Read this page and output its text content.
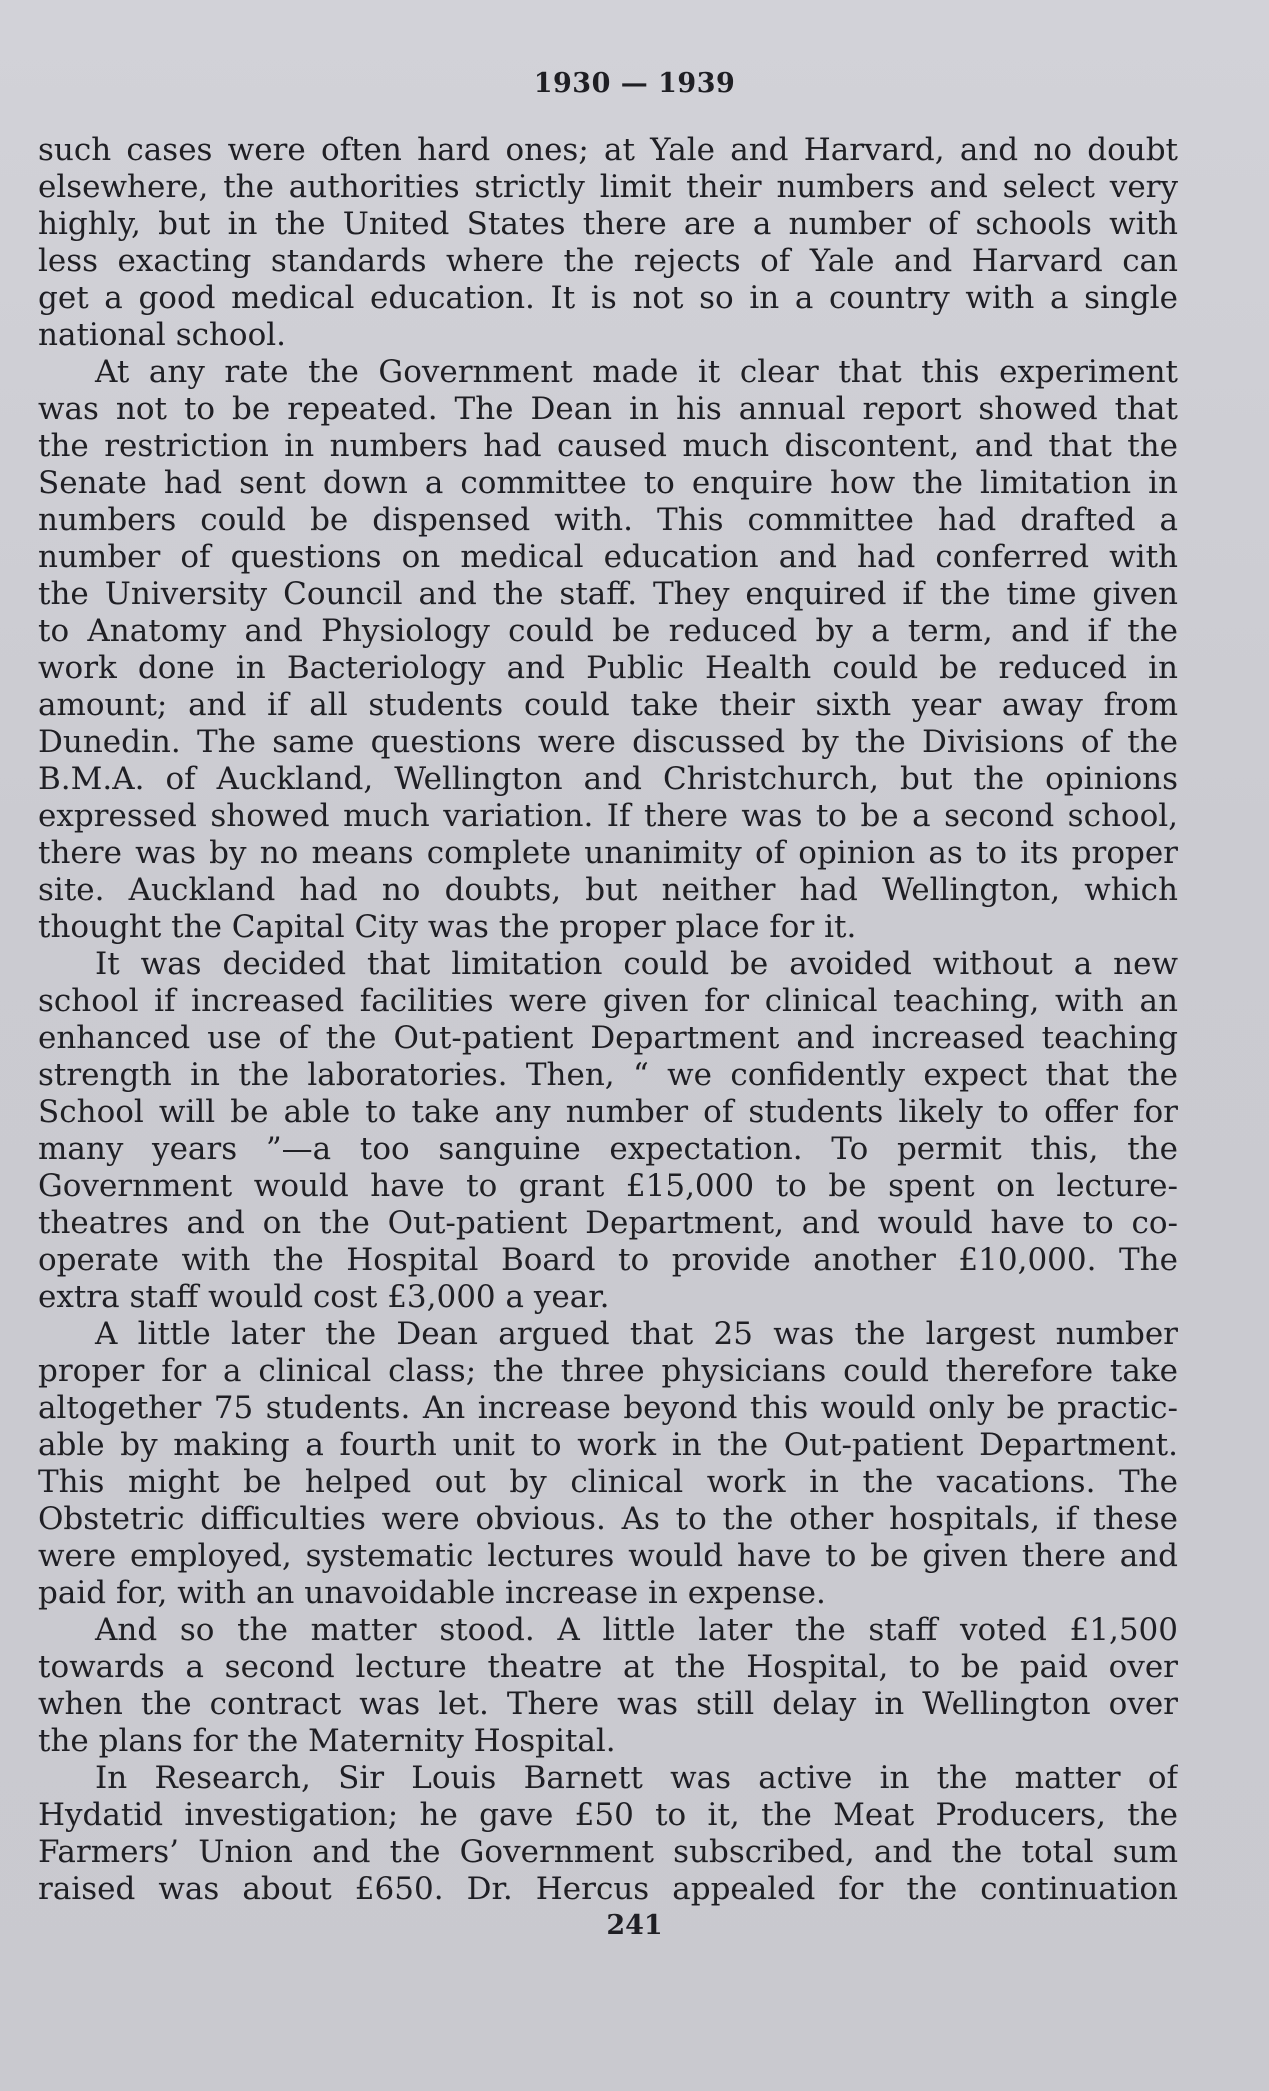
1930 — 1939
such cases were often hard ones; at Yale and Harvard, and no doubt
elsewhere, the authorities strictly limit their numbers and select very
highly, but in the United States there are a number of schools with
less exacting standards where the rejects of Yale and Harvard can
get a good medical education. It is not so in a country with a single
national school.
At any rate the Government made it clear that this experiment
was not to be repeated. The Dean in his annual report showed that
the restriction in numbers had caused much discontent, and that the
Senate had sent down a committee to enquire how the limitation in
numbers could be dispensed with. This committee had drafted a
number of questions on medical education and had conferred with
the University Council and the staff. They enquired if the time given
to Anatomy and Physiology could be reduced by a term, and if the
work done in Bacteriology and Public Health could be reduced in
amount; and if all students could take their sixth year away from
Dunedin. The same questions were discussed by the Divisions of the
B.M.A. of Auckland, Wellington and Christchurch, but the opinions
expressed showed much variation. If there was to be a second school,
there was by no means complete unanimity of opinion as to its proper
site. Auckland had no doubts, but neither had Wellington, which
thought the Capital City was the proper place for it.
It was decided that limitation could be avoided without a new
school if increased facilities were given for clinical teaching, with an
enhanced use of the Out-patient Department and increased teaching
strength in the laboratories. Then, “ we confidently expect that the
School will be able to take any number of students likely to offer for
many years ”—a too sanguine expectation. To permit this, the
Government would have to grant £15,000 to be spent on lecture-
theatres and on the Out-patient Department, and would have to co-
operate with the Hospital Board to provide another £10,000. The
extra staff would cost £3,000 a year.
A little later the Dean argued that 25 was the largest number
proper for a clinical class; the three physicians could therefore take
altogether 75 students. An increase beyond this would only be practic-
able by making a fourth unit to work in the Out-patient Department.
This might be helped out by clinical work in the vacations. The
Obstetric difficulties were obvious. As to the other hospitals, if these
were employed, systematic lectures would have to be given there and
paid for, with an unavoidable increase in expense.
And so the matter stood. A little later the staff voted £1,500
towards a second lecture theatre at the Hospital, to be paid over
when the contract was let. There was still delay in Wellington over
the plans for the Maternity Hospital.
In Research, Sir Louis Barnett was active in the matter of
Hydatid investigation; he gave £50 to it, the Meat Producers, the
Farmers’ Union and the Government subscribed, and the total sum
raised was about £650. Dr. Hercus appealed for the continuation
241
